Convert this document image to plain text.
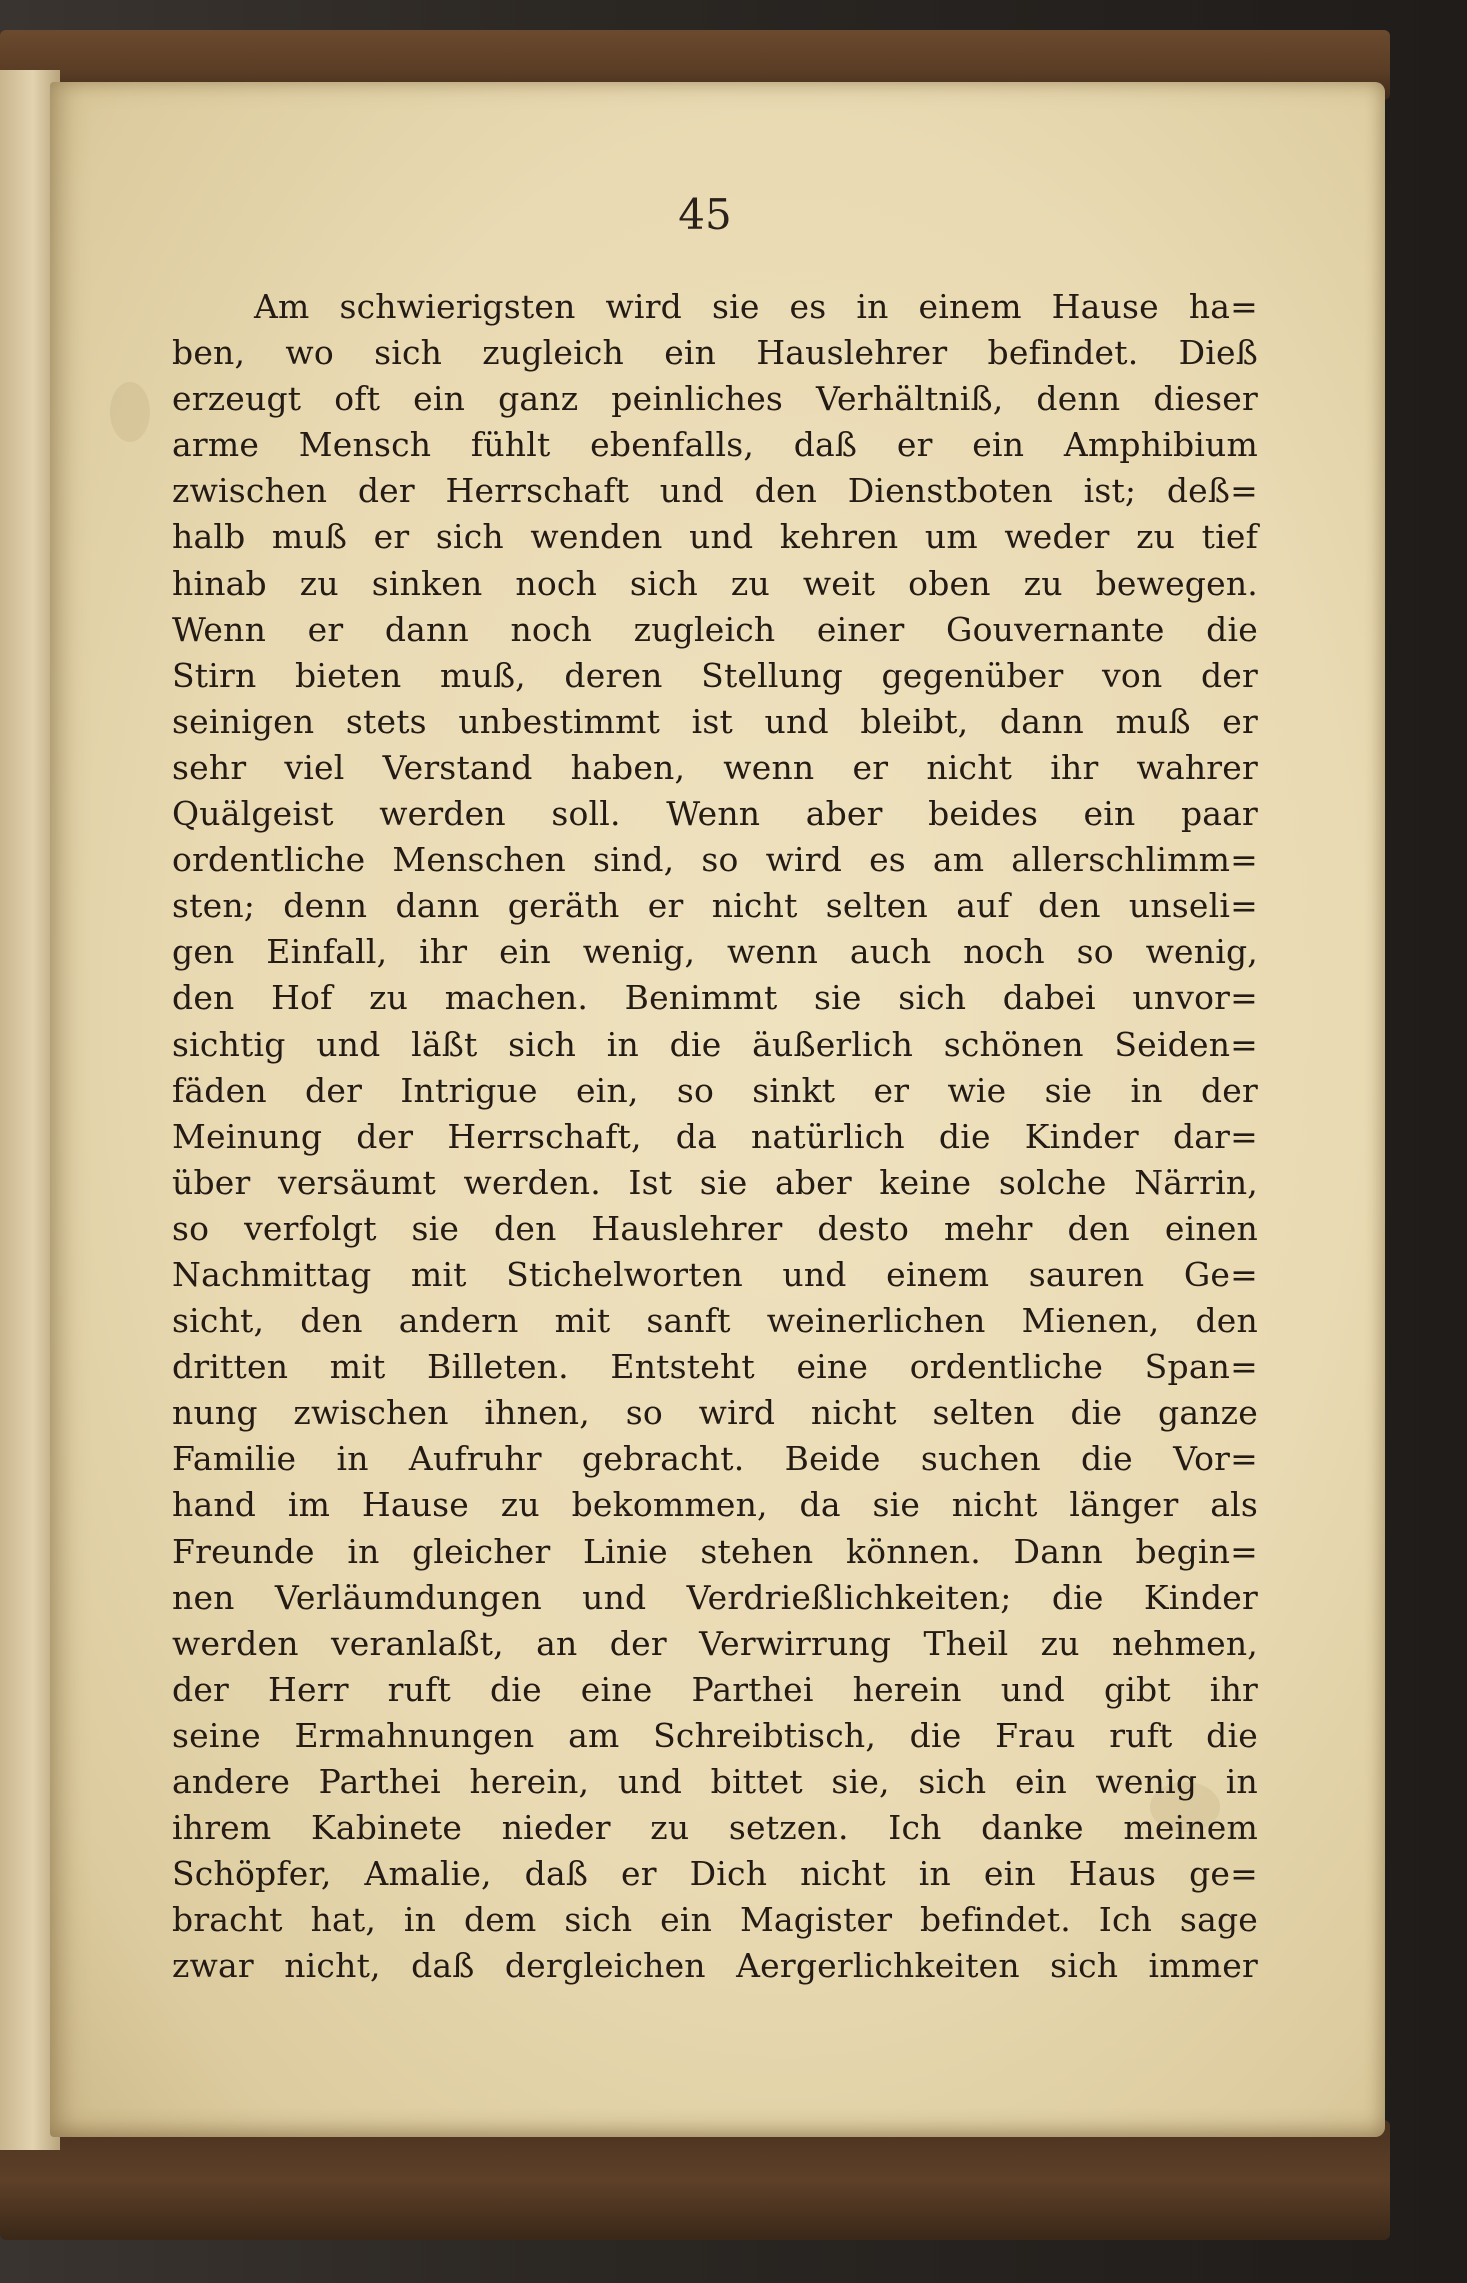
45
Am schwierigsten wird sie es in einem Hause ha=
ben, wo sich zugleich ein Hauslehrer befindet. Dieß
erzeugt oft ein ganz peinliches Verhältniß, denn dieser
arme Mensch fühlt ebenfalls, daß er ein Amphibium
zwischen der Herrschaft und den Dienstboten ist; deß=
halb muß er sich wenden und kehren um weder zu tief
hinab zu sinken noch sich zu weit oben zu bewegen.
Wenn er dann noch zugleich einer Gouvernante die
Stirn bieten muß, deren Stellung gegenüber von der
seinigen stets unbestimmt ist und bleibt, dann muß er
sehr viel Verstand haben, wenn er nicht ihr wahrer
Quälgeist werden soll. Wenn aber beides ein paar
ordentliche Menschen sind, so wird es am allerschlimm=
sten; denn dann geräth er nicht selten auf den unseli=
gen Einfall, ihr ein wenig, wenn auch noch so wenig,
den Hof zu machen. Benimmt sie sich dabei unvor=
sichtig und läßt sich in die äußerlich schönen Seiden=
fäden der Intrigue ein, so sinkt er wie sie in der
Meinung der Herrschaft, da natürlich die Kinder dar=
über versäumt werden. Ist sie aber keine solche Närrin,
so verfolgt sie den Hauslehrer desto mehr den einen
Nachmittag mit Stichelworten und einem sauren Ge=
sicht, den andern mit sanft weinerlichen Mienen, den
dritten mit Billeten. Entsteht eine ordentliche Span=
nung zwischen ihnen, so wird nicht selten die ganze
Familie in Aufruhr gebracht. Beide suchen die Vor=
hand im Hause zu bekommen, da sie nicht länger als
Freunde in gleicher Linie stehen können. Dann begin=
nen Verläumdungen und Verdrießlichkeiten; die Kinder
werden veranlaßt, an der Verwirrung Theil zu nehmen,
der Herr ruft die eine Parthei herein und gibt ihr
seine Ermahnungen am Schreibtisch, die Frau ruft die
andere Parthei herein, und bittet sie, sich ein wenig in
ihrem Kabinete nieder zu setzen. Ich danke meinem
Schöpfer, Amalie, daß er Dich nicht in ein Haus ge=
bracht hat, in dem sich ein Magister befindet. Ich sage
zwar nicht, daß dergleichen Aergerlichkeiten sich immer
